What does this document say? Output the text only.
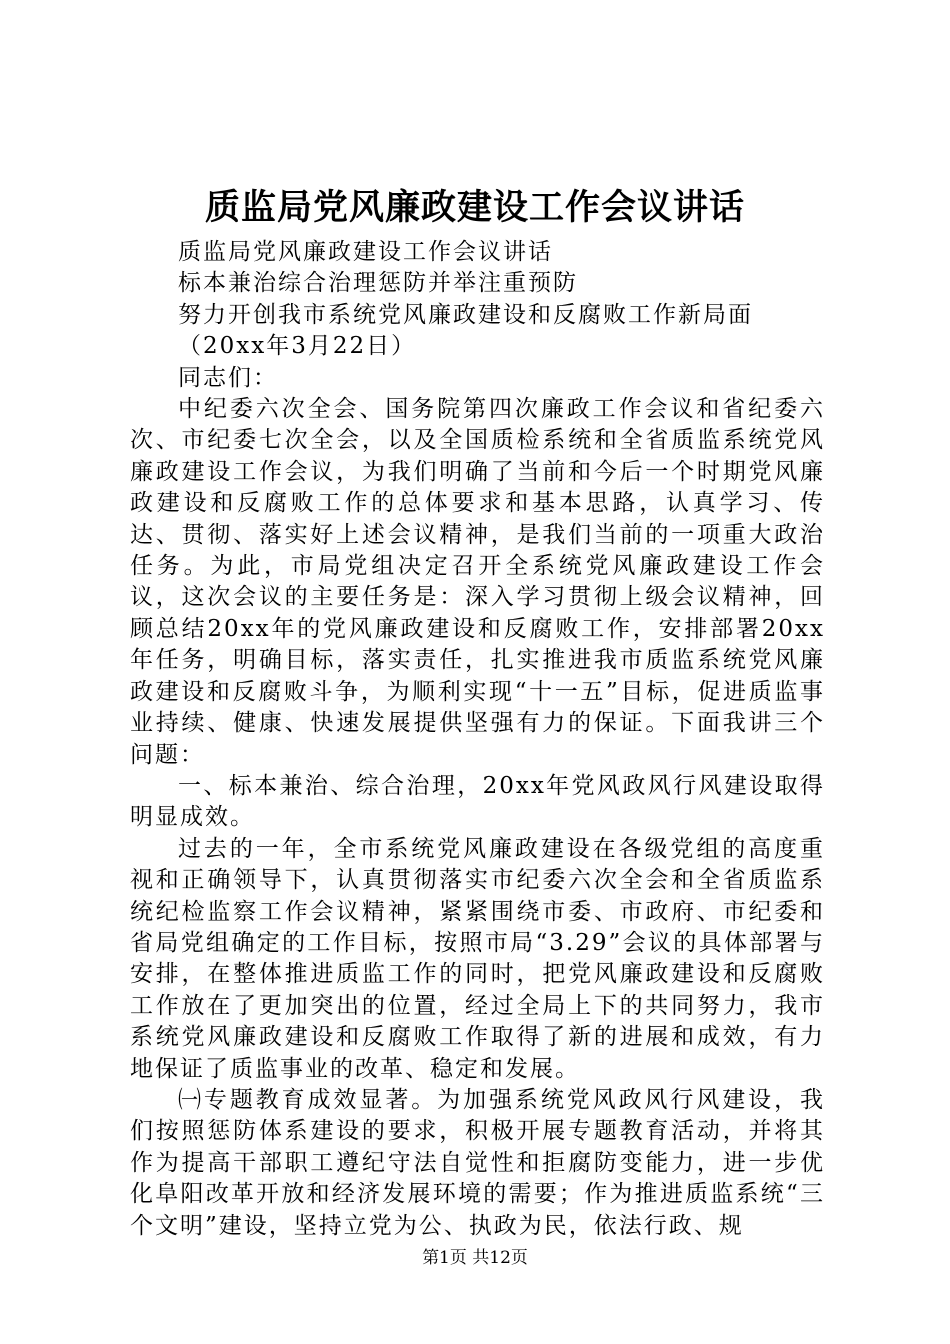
质监局党风廉政建设工作会议讲话
质监局党风廉政建设工作会议讲话
标本兼治综合治理惩防并举注重预防
努力开创我市系统党风廉政建设和反腐败工作新局面
（20xx年3月22日）
同志们：

中纪委六次全会、国务院第四次廉政工作会议和省纪委六次、市纪委七次全会，以及全国质检系统和全省质监系统党风廉政建设工作会议，为我们明确了当前和今后一个时期党风廉政建设和反腐败工作的总体要求和基本思路，认真学习、传达、贯彻、落实好上述会议精神，是我们当前的一项重大政治任务。为此，市局党组决定召开全系统党风廉政建设工作会议，这次会议的主要任务是：深入学习贯彻上级会议精神，回顾总结20xx年的党风廉政建设和反腐败工作，安排部署20xx年任务，明确目标，落实责任，扎实推进我市质监系统党风廉政建设和反腐败斗争，为顺利实现“十一五”目标，促进质监事业持续、健康、快速发展提供坚强有力的保证。下面我讲三个问题：

一、标本兼治、综合治理，20xx年党风政风行风建设取得明显成效。

过去的一年，全市系统党风廉政建设在各级党组的高度重视和正确领导下，认真贯彻落实市纪委六次全会和全省质监系统纪检监察工作会议精神，紧紧围绕市委、市政府、市纪委和省局党组确定的工作目标，按照市局“3.29”会议的具体部署与安排，在整体推进质监工作的同时，把党风廉政建设和反腐败工作放在了更加突出的位置，经过全局上下的共同努力，我市系统党风廉政建设和反腐败工作取得了新的进展和成效，有力地保证了质监事业的改革、稳定和发展。

㈠专题教育成效显著。为加强系统党风政风行风建设，我们按照惩防体系建设的要求，积极开展专题教育活动，并将其作为提高干部职工遵纪守法自觉性和拒腐防变能力，进一步优化阜阳改革开放和经济发展环境的需要；作为推进质监系统“三个文明”建设，坚持立党为公、执政为民，依法行政、规

第1页 共12页
